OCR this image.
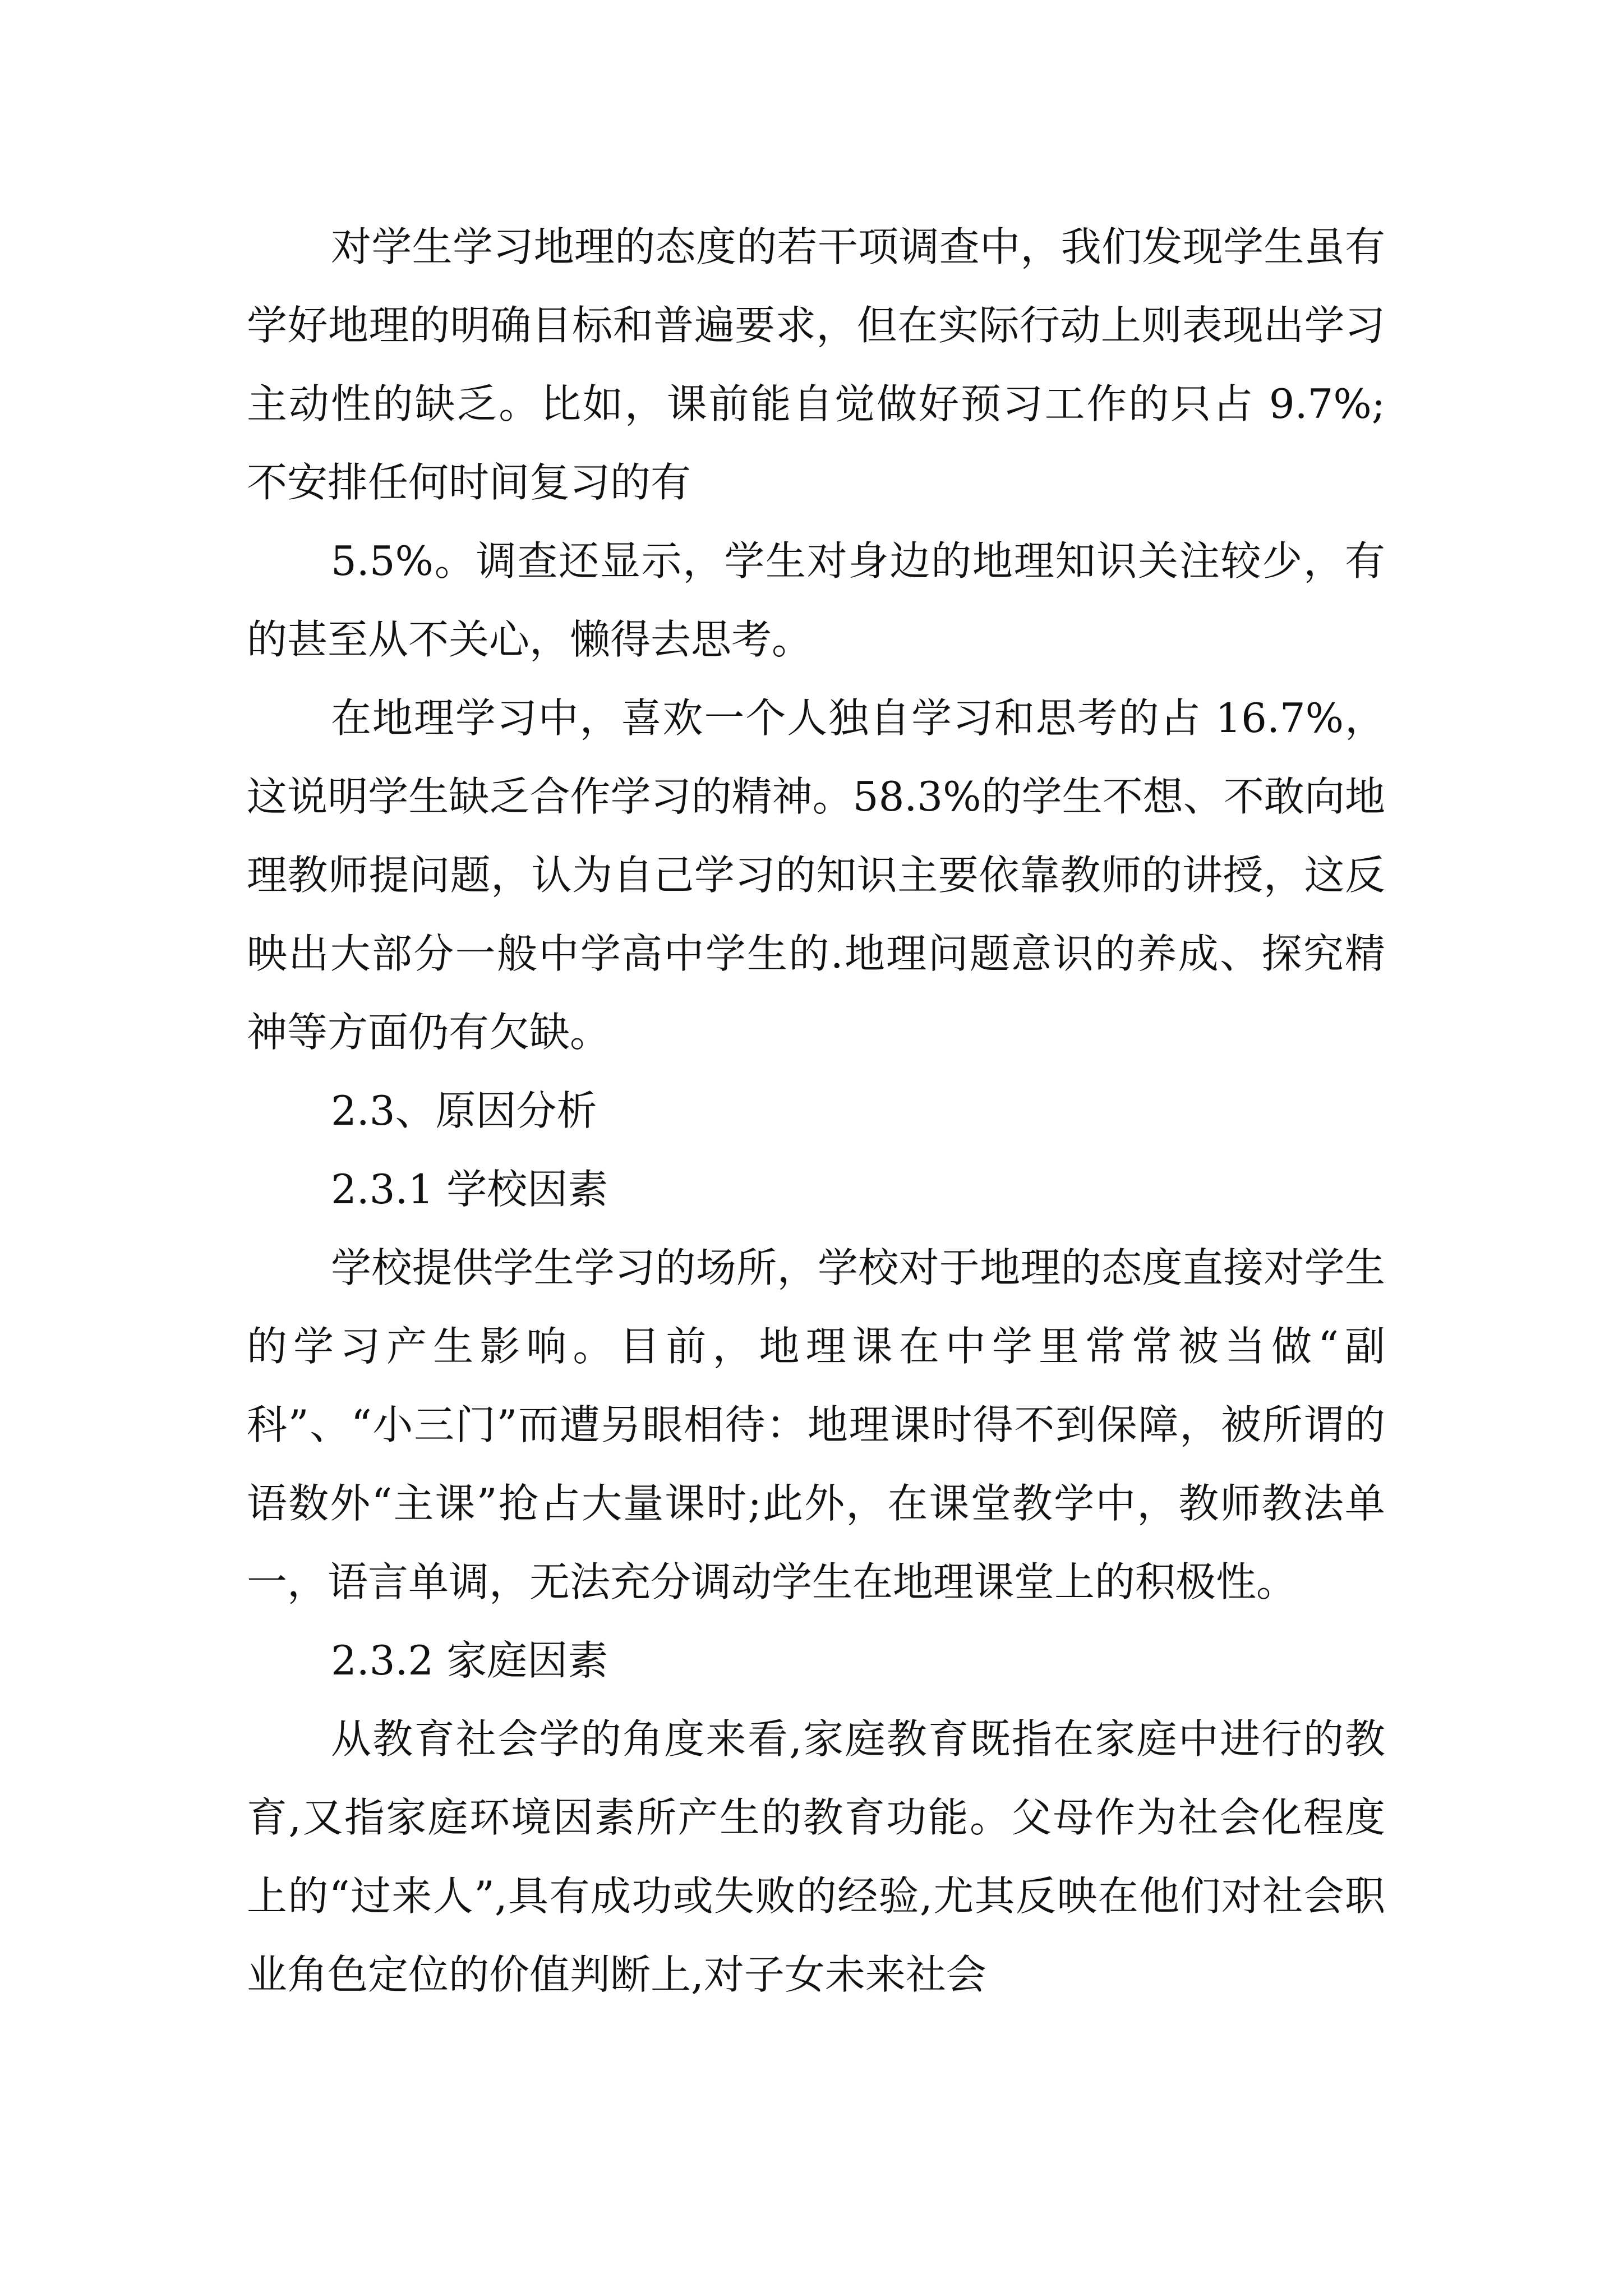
对学生学习地理的态度的若干项调查中，我们发现学生虽有学好地理的明确目标和普遍要求，但在实际行动上则表现出学习主动性的缺乏。比如，课前能自觉做好预习工作的只占 9.7%;不安排任何时间复习的有

5.5%。调查还显示，学生对身边的地理知识关注较少，有的甚至从不关心，懒得去思考。

在地理学习中，喜欢一个人独自学习和思考的占 16.7%，这说明学生缺乏合作学习的精神。58.3%的学生不想、不敢向地理教师提问题，认为自己学习的知识主要依靠教师的讲授，这反映出大部分一般中学高中学生的.地理问题意识的养成、探究精神等方面仍有欠缺。

2.3、原因分析

2.3.1 学校因素

学校提供学生学习的场所，学校对于地理的态度直接对学生的学习产生影响。目前，地理课在中学里常常被当做“副科”、“小三门”而遭另眼相待：地理课时得不到保障，被所谓的语数外“主课”抢占大量课时;此外，在课堂教学中，教师教法单一，语言单调，无法充分调动学生在地理课堂上的积极性。

2.3.2 家庭因素

从教育社会学的角度来看,家庭教育既指在家庭中进行的教育,又指家庭环境因素所产生的教育功能。父母作为社会化程度上的“过来人”,具有成功或失败的经验,尤其反映在他们对社会职业角色定位的价值判断上,对子女未来社会
